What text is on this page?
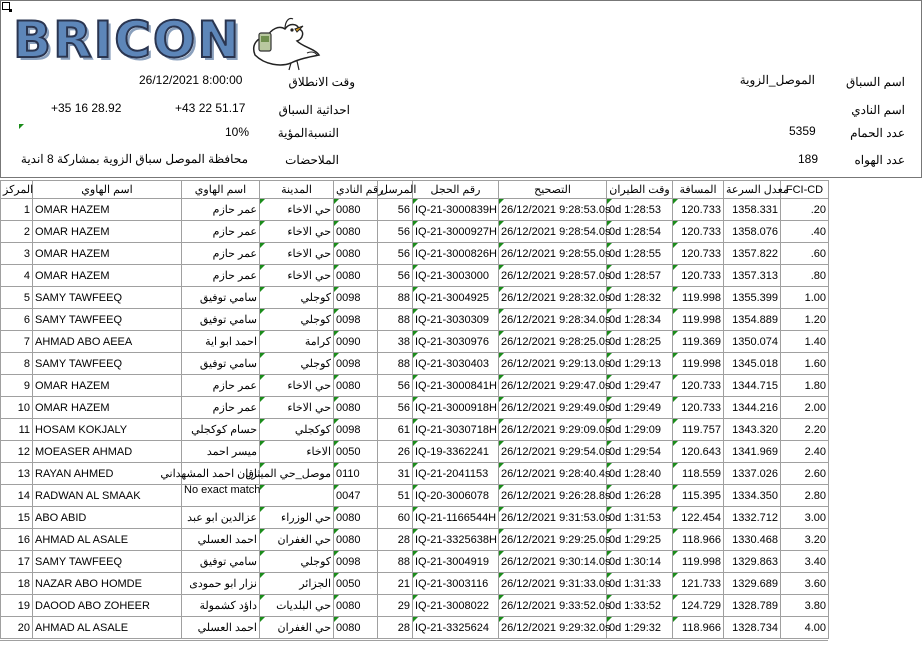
BRICON
اسم السباق
الموصل_الزوية
اسم النادي
عدد الحمام
5359
عدد الهواه
189
وقت الانطلاق
26/12/2021 8:00:00
احداثية السباق
+43 22 51.17
+35 16 28.92
النسبةالمؤية
10%
الملاحضات
محافظة الموصل سباق الزوية بمشاركة 8 اندية
المركز	اسم الهاوي	اسم الهاوي	المدينة	رقم النادي	المرسل	رقم الحجل	التصحيح	وقت الطيران	المسافة	معدل السرعة	FCI-CD
1	OMAR HAZEM	عمر حازم	حي الاخاء	0080	56	IQ-21-3000839H	26/12/2021 9:28:53.0s	0d 1:28:53	120.733	1358.331	.20
2	OMAR HAZEM	عمر حازم	حي الاخاء	0080	56	IQ-21-3000927H	26/12/2021 9:28:54.0s	0d 1:28:54	120.733	1358.076	.40
3	OMAR HAZEM	عمر حازم	حي الاخاء	0080	56	IQ-21-3000826H	26/12/2021 9:28:55.0s	0d 1:28:55	120.733	1357.822	.60
4	OMAR HAZEM	عمر حازم	حي الاخاء	0080	56	IQ-21-3003000	26/12/2021 9:28:57.0s	0d 1:28:57	120.733	1357.313	.80
5	SAMY TAWFEEQ	سامي توفيق	كوجلي	0098	88	IQ-21-3004925	26/12/2021 9:28:32.0s	0d 1:28:32	119.998	1355.399	1.00
6	SAMY TAWFEEQ	سامي توفيق	كوجلي	0098	88	IQ-21-3030309	26/12/2021 9:28:34.0s	0d 1:28:34	119.998	1354.889	1.20
7	AHMAD ABO AEEA	احمد ابو اية	كرامة	0090	38	IQ-21-3030976	26/12/2021 9:28:25.0s	0d 1:28:25	119.369	1350.074	1.40
8	SAMY TAWFEEQ	سامي توفيق	كوجلي	0098	88	IQ-21-3030403	26/12/2021 9:29:13.0s	0d 1:29:13	119.998	1345.018	1.60
9	OMAR HAZEM	عمر حازم	حي الاخاء	0080	56	IQ-21-3000841H	26/12/2021 9:29:47.0s	0d 1:29:47	120.733	1344.715	1.80
10	OMAR HAZEM	عمر حازم	حي الاخاء	0080	56	IQ-21-3000918H	26/12/2021 9:29:49.0s	0d 1:29:49	120.733	1344.216	2.00
11	HOSAM KOKJALY	حسام كوكجلي	كوكجلي	0098	61	IQ-21-3030718H	26/12/2021 9:29:09.0s	0d 1:29:09	119.757	1343.320	2.20
12	MOEASER AHMAD	ميسر احمد	الاخاء	0050	26	IQ-19-3362241	26/12/2021 9:29:54.0s	0d 1:29:54	120.643	1341.969	2.40
13	RAYAN AHMED	ريان احمد المشهداني	موصل_حي الميثاق	0110	31	IQ-21-2041153	26/12/2021 9:28:40.4s	0d 1:28:40	118.559	1337.026	2.60
14	RADWAN AL SMAAK	No exact match		0047	51	IQ-20-3006078	26/12/2021 9:26:28.8s	0d 1:26:28	115.395	1334.350	2.80
15	ABO ABID	عزالدين ابو عبد	حي الوزراء	0080	60	IQ-21-1166544H	26/12/2021 9:31:53.0s	0d 1:31:53	122.454	1332.712	3.00
16	AHMAD AL ASALE	احمد العسلي	حي الغفران	0080	28	IQ-21-3325638H	26/12/2021 9:29:25.0s	0d 1:29:25	118.966	1330.468	3.20
17	SAMY TAWFEEQ	سامي توفيق	كوجلي	0098	88	IQ-21-3004919	26/12/2021 9:30:14.0s	0d 1:30:14	119.998	1329.863	3.40
18	NAZAR ABO HOMDE	نزار ابو حمودى	الجزائر	0050	21	IQ-21-3003116	26/12/2021 9:31:33.0s	0d 1:31:33	121.733	1329.689	3.60
19	DAOOD ABO ZOHEER	داؤد كشمولة	حي البلديات	0080	29	IQ-21-3008022	26/12/2021 9:33:52.0s	0d 1:33:52	124.729	1328.789	3.80
20	AHMAD AL ASALE	احمد العسلي	حي الغفران	0080	28	IQ-21-3325624	26/12/2021 9:29:32.0s	0d 1:29:32	118.966	1328.734	4.00
